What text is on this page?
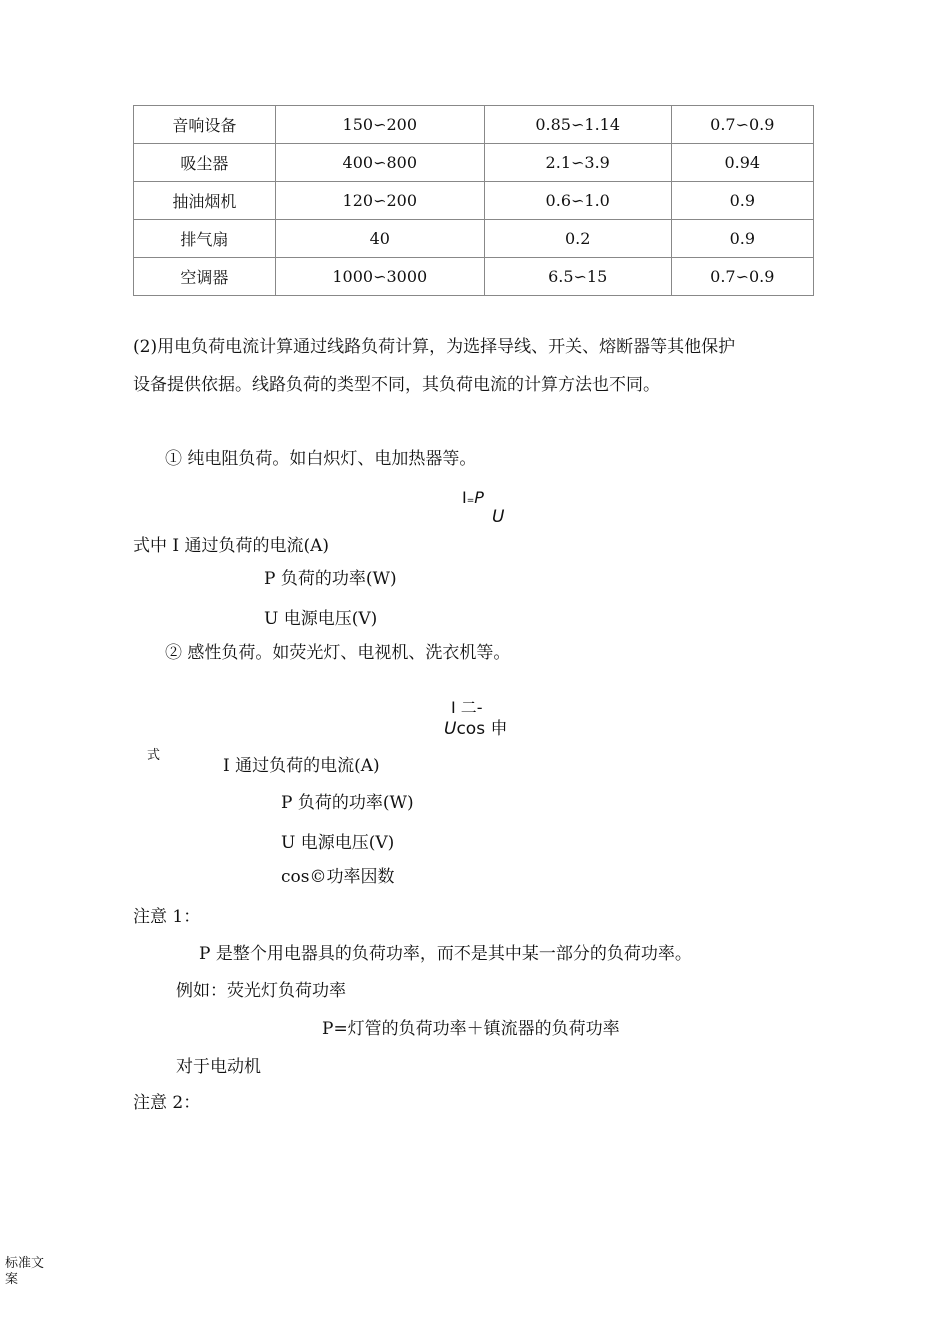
音响设备	150∽200	0.85∽1.14	0.7∽0.9
吸尘器	400∽800	2.1∽3.9	0.94
抽油烟机	120∽200	0.6∽1.0	0.9
排气扇	40	0.2	0.9
空调器	1000∽3000	6.5∽15	0.7∽0.9
(2)用电负荷电流计算通过线路负荷计算，为选择导线、开关、熔断器等其他保护
设备提供依据。线路负荷的类型不同，其负荷电流的计算方法也不同。
① 纯电阻负荷。如白炽灯、电加热器等。
I=P
U
式中 I 通过负荷的电流(A)
P 负荷的功率(W)
U 电源电压(V)
② 感性负荷。如荧光灯、电视机、洗衣机等。
I 二-
Ucos 申
式
I 通过负荷的电流(A)
P 负荷的功率(W)
U 电源电压(V)
cos©功率因数
注意 1：
P 是整个用电器具的负荷功率，而不是其中某一部分的负荷功率。
例如：荧光灯负荷功率
P=灯管的负荷功率＋镇流器的负荷功率
对于电动机
注意 2：
标准文
案
